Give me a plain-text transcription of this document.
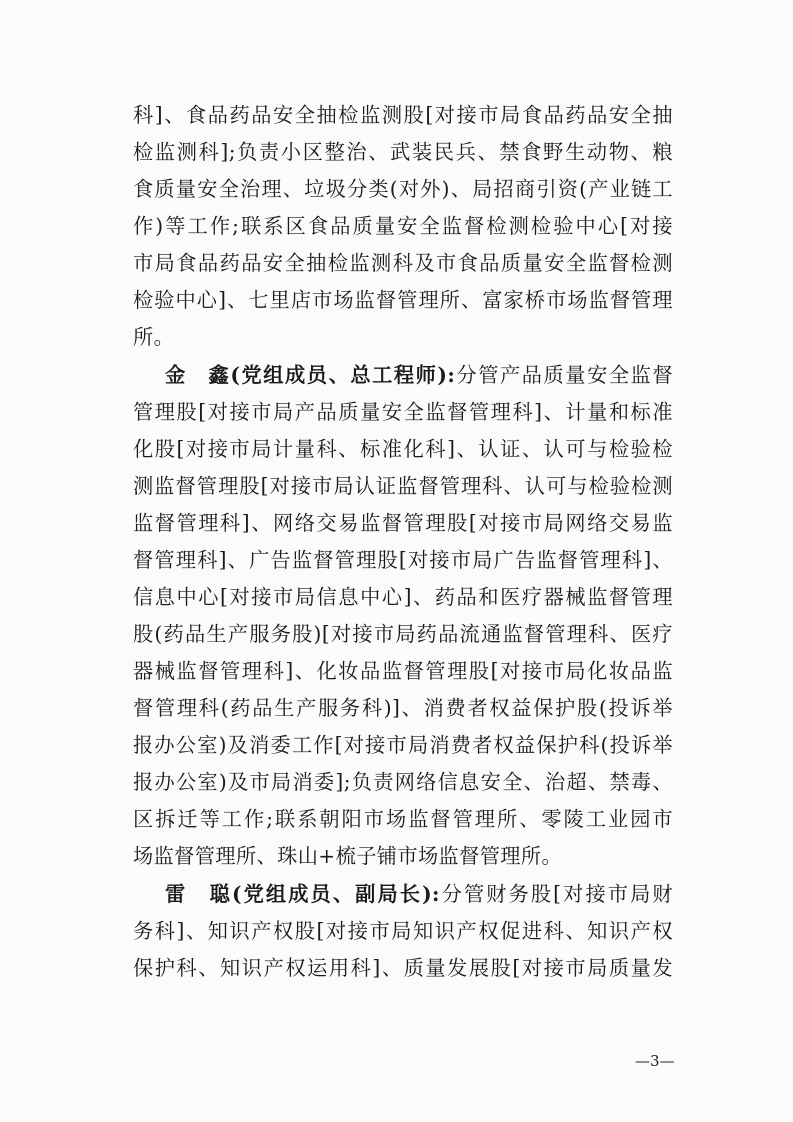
科]、食品药品安全抽检监测股[对接市局食品药品安全抽
检监测科];负责小区整治、武装民兵、禁食野生动物、粮
食质量安全治理、垃圾分类(对外)、局招商引资(产业链工
作)等工作;联系区食品质量安全监督检测检验中心[对接
市局食品药品安全抽检监测科及市食品质量安全监督检测
检验中心]、七里店市场监督管理所、富家桥市场监督管理
所。
金　鑫(党组成员、总工程师):分管产品质量安全监督
管理股[对接市局产品质量安全监督管理科]、计量和标准
化股[对接市局计量科、标准化科]、认证、认可与检验检
测监督管理股[对接市局认证监督管理科、认可与检验检测
监督管理科]、网络交易监督管理股[对接市局网络交易监
督管理科]、广告监督管理股[对接市局广告监督管理科]、
信息中心[对接市局信息中心]、药品和医疗器械监督管理
股(药品生产服务股)[对接市局药品流通监督管理科、医疗
器械监督管理科]、化妆品监督管理股[对接市局化妆品监
督管理科(药品生产服务科)]、消费者权益保护股(投诉举
报办公室)及消委工作[对接市局消费者权益保护科(投诉举
报办公室)及市局消委];负责网络信息安全、治超、禁毒、
区拆迁等工作;联系朝阳市场监督管理所、零陵工业园市
场监督管理所、珠山+梳子铺市场监督管理所。
雷　聪(党组成员、副局长):分管财务股[对接市局财
务科]、知识产权股[对接市局知识产权促进科、知识产权
保护科、知识产权运用科]、质量发展股[对接市局质量发
—3—
